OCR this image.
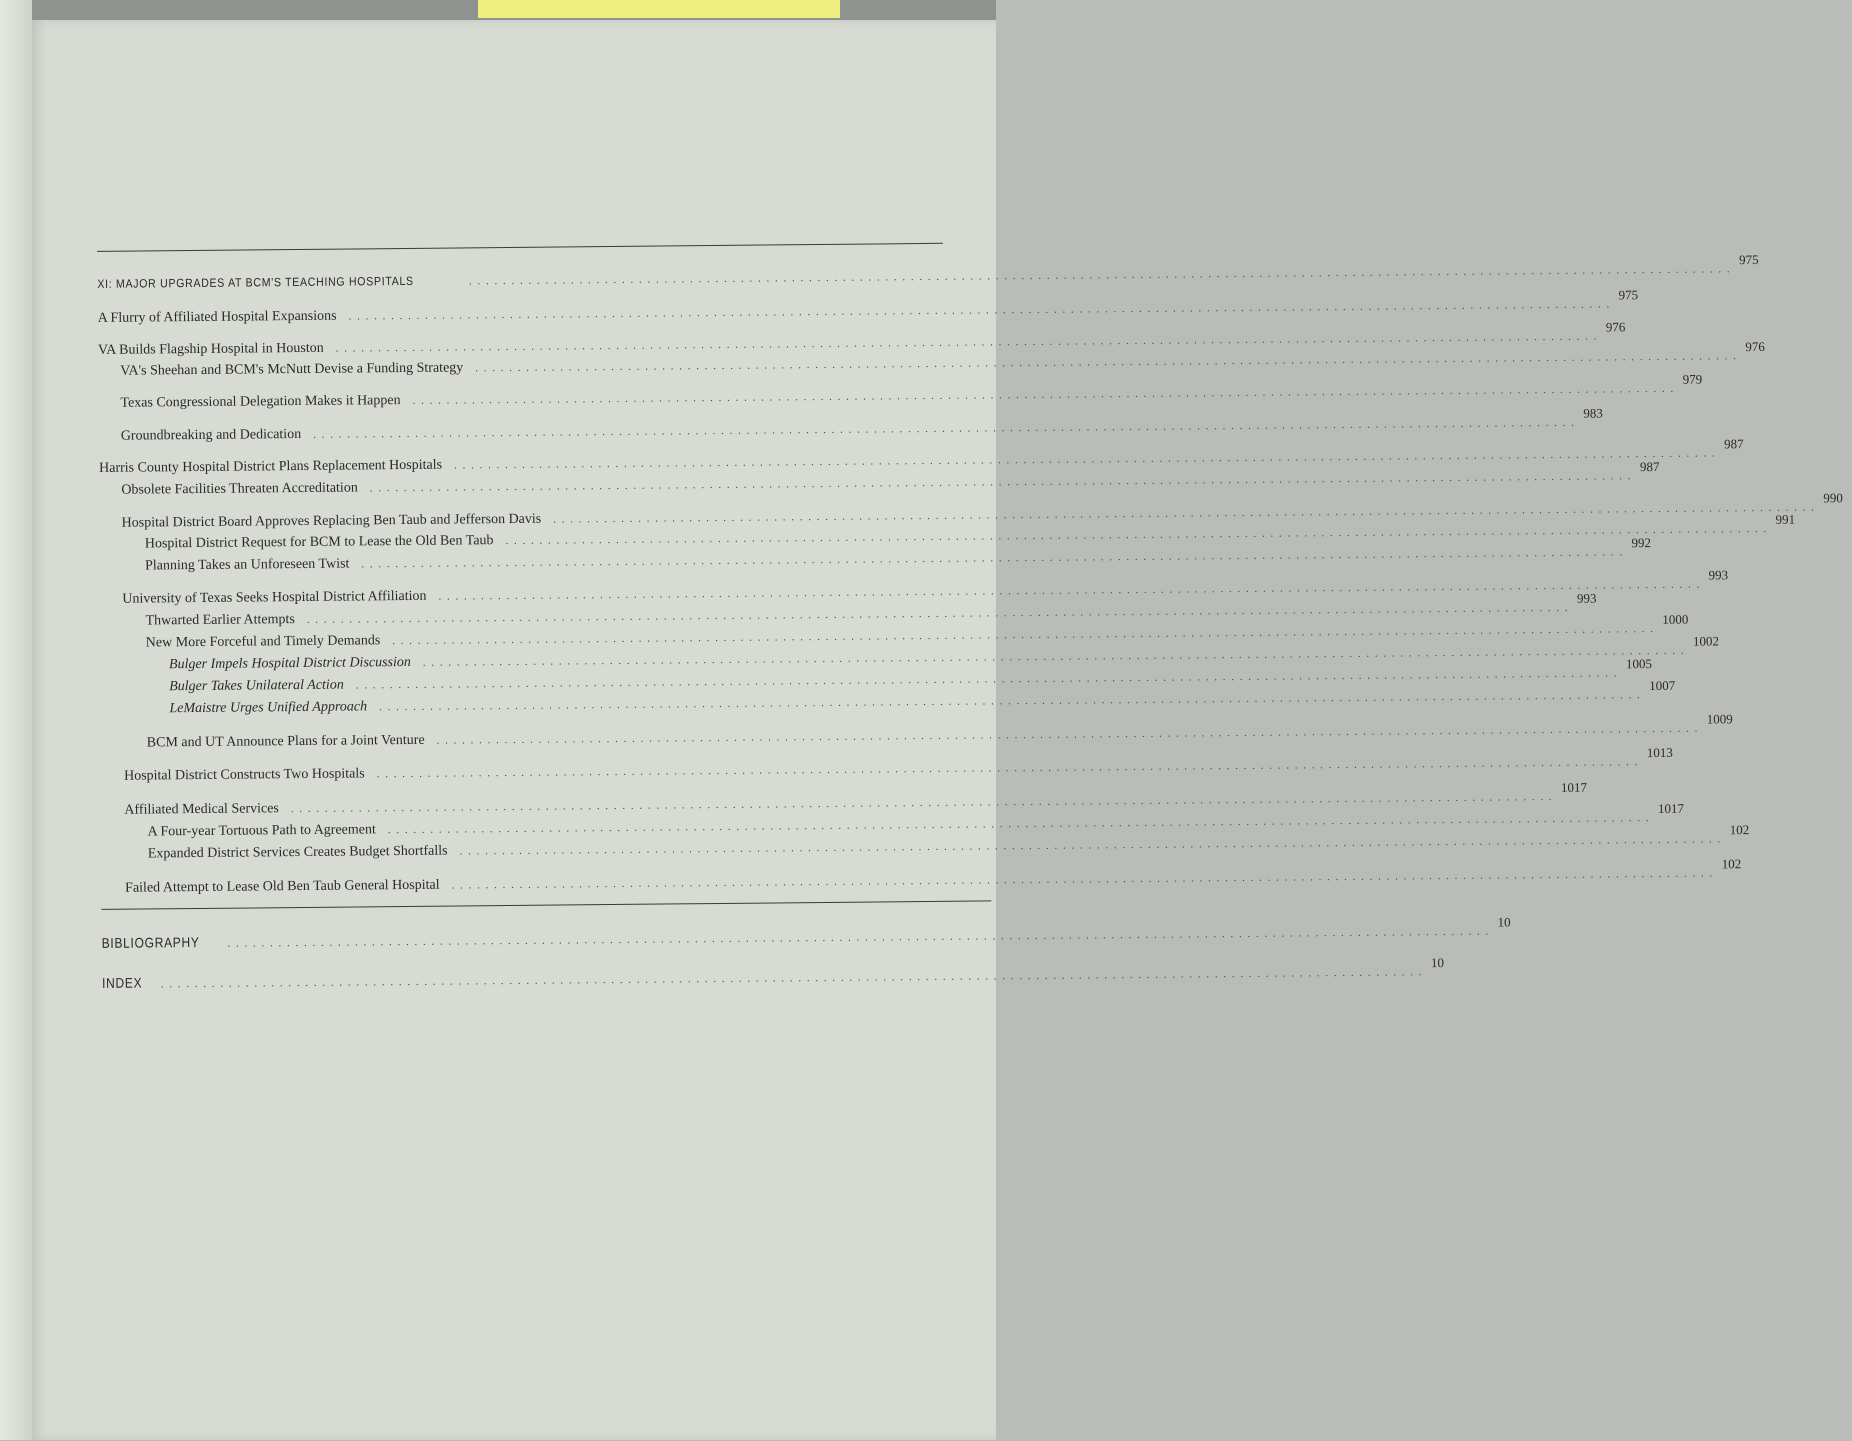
XI: MAJOR UPGRADES AT BCM'S TEACHING HOSPITALS
. . .
975
A Flurry of Affiliated Hospital Expansions
. . .
975
VA Builds Flagship Hospital in Houston
. . .
976
VA's Sheehan and BCM's McNutt Devise a Funding Strategy
. . .
976
Texas Congressional Delegation Makes it Happen
. . .
979
Groundbreaking and Dedication
. . .
983
Harris County Hospital District Plans Replacement Hospitals
. . .
987
Obsolete Facilities Threaten Accreditation
. . .
987
Hospital District Board Approves Replacing Ben Taub and Jefferson Davis
. . .
990
Hospital District Request for BCM to Lease the Old Ben Taub
. . .
991
Planning Takes an Unforeseen Twist
. . .
992
University of Texas Seeks Hospital District Affiliation
. . .
993
Thwarted Earlier Attempts
. . .
993
New More Forceful and Timely Demands
. . .
1000
Bulger Impels Hospital District Discussion
. . .
1002
Bulger Takes Unilateral Action
. . .
1005
LeMaistre Urges Unified Approach
. . .
1007
BCM and UT Announce Plans for a Joint Venture
. . .
1009
Hospital District Constructs Two Hospitals
. . .
1013
Affiliated Medical Services
. . .
1017
A Four-year Tortuous Path to Agreement
. . .
1017
Expanded District Services Creates Budget Shortfalls
. . .
102
Failed Attempt to Lease Old Ben Taub General Hospital
. . .
102
BIBLIOGRAPHY
. . .
10
INDEX
. . .
10
